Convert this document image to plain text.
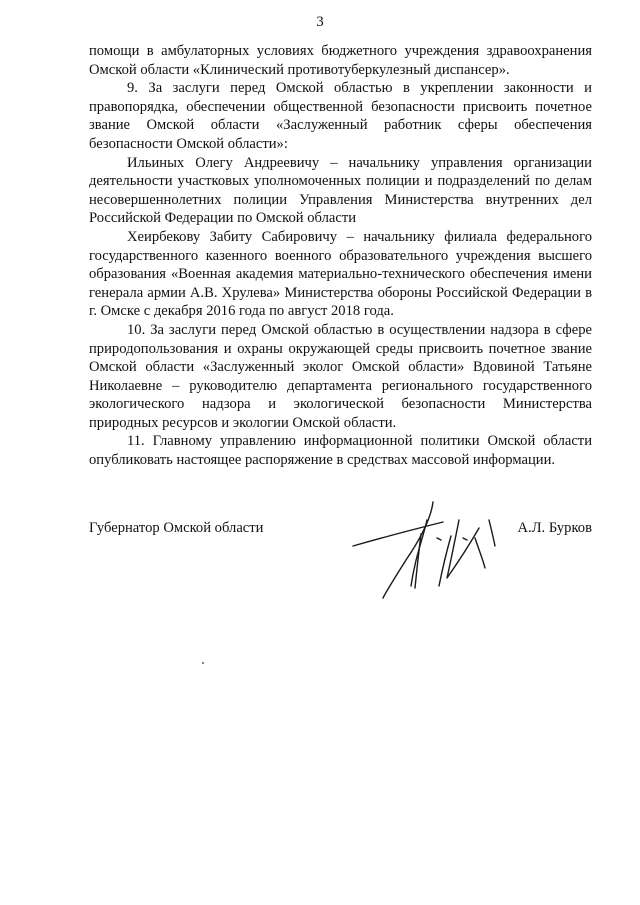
3

помощи в амбулаторных условиях бюджетного учреждения здравоохранения Омской области «Клинический противотуберкулезный диспансер».

9. За заслуги перед Омской областью в укреплении законности и правопорядка, обеспечении общественной безопасности присвоить почетное звание Омской области «Заслуженный работник сферы обеспечения безопасности Омской области»:

Ильиных Олегу Андреевичу – начальнику управления организации деятельности участковых уполномоченных полиции и подразделений по делам несовершеннолетних полиции Управления Министерства внутренних дел Российской Федерации по Омской области

Хеирбекову Забиту Сабировичу – начальнику филиала федерального государственного казенного военного образовательного учреждения высшего образования «Военная академия материально-технического обеспечения имени генерала армии А.В. Хрулева» Министерства обороны Российской Федерации в г. Омске с декабря 2016 года по август 2018 года.

10. За заслуги перед Омской областью в осуществлении надзора в сфере природопользования и охраны окружающей среды присвоить почетное звание Омской области «Заслуженный эколог Омской области» Вдовиной Татьяне Николаевне – руководителю департамента регионального государственного экологического надзора и экологической безопасности Министерства природных ресурсов и экологии Омской области.

11. Главному управлению информационной политики Омской области опубликовать настоящее распоряжение в средствах массовой информации.

Губернатор Омской области	А.Л. Бурков
